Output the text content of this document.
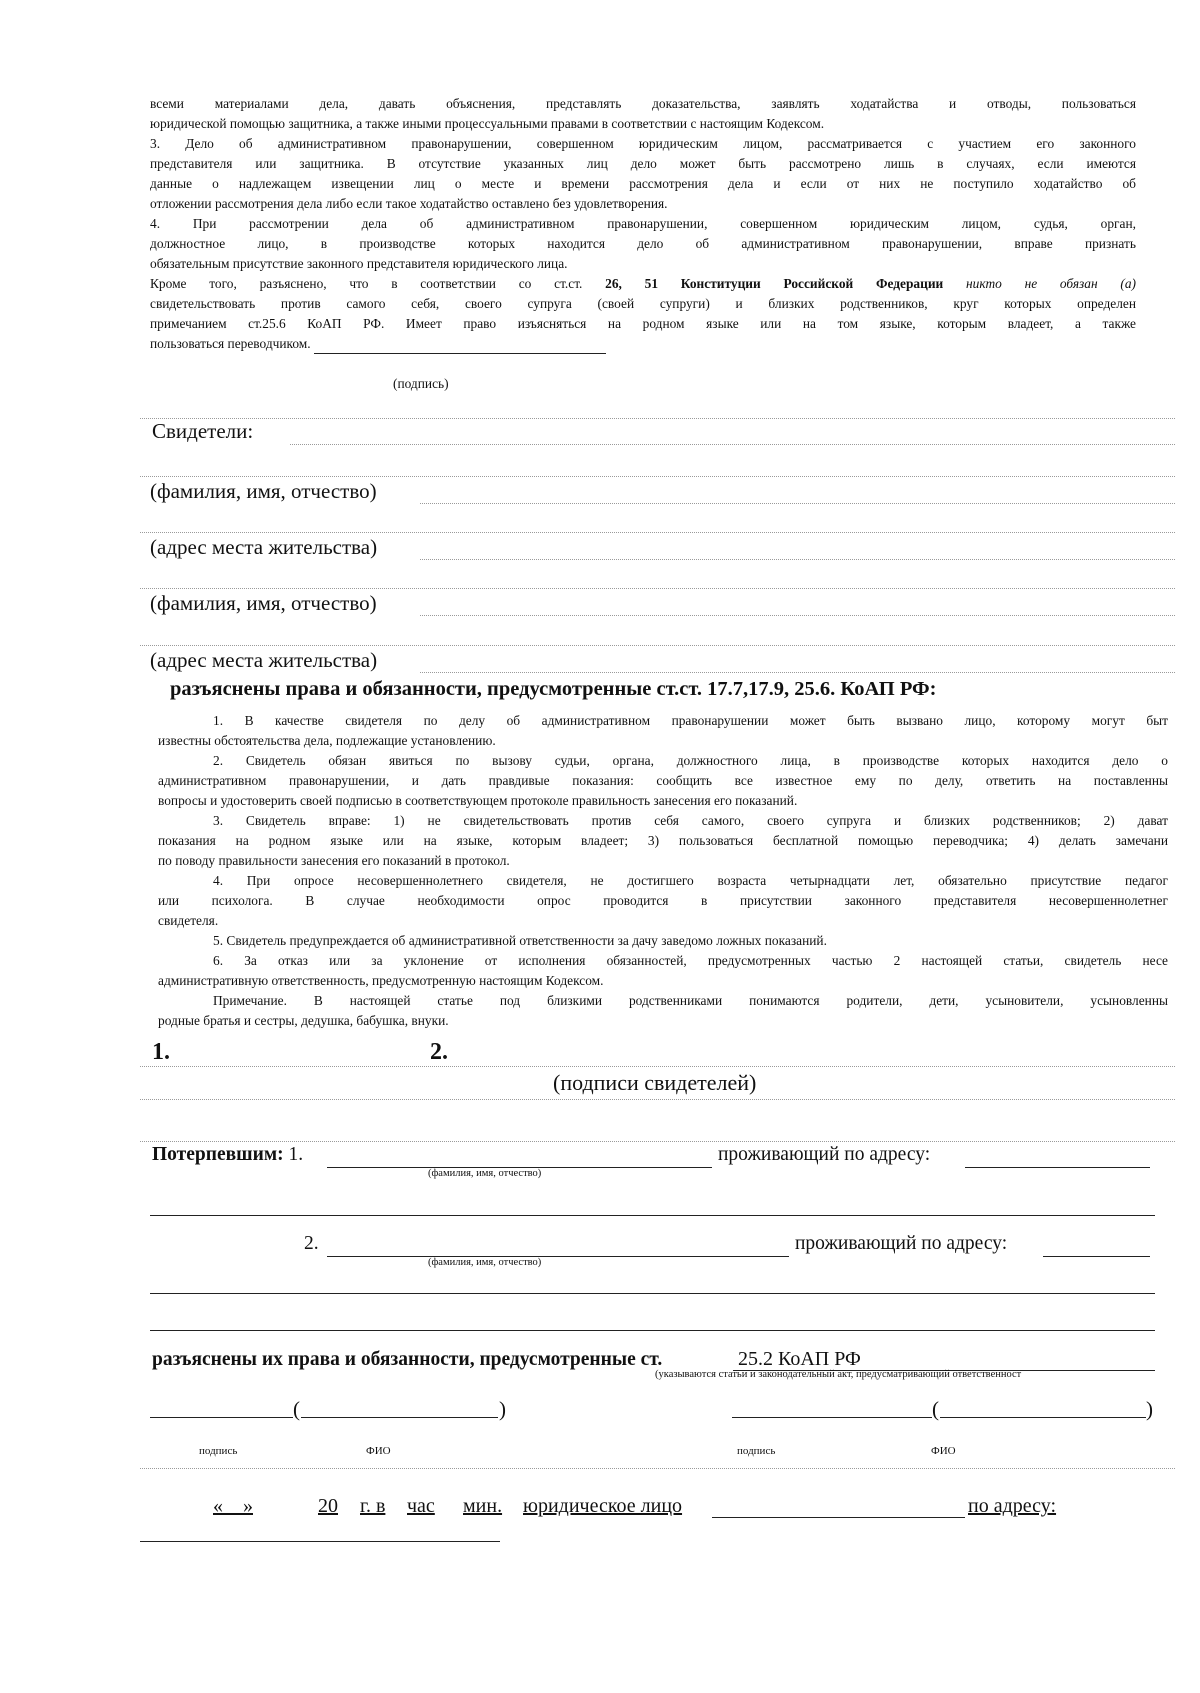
всеми материалами дела, давать объяснения, представлять доказательства, заявлять ходатайства и отводы, пользоваться
юридической помощью защитника, а также иными процессуальными правами в соответствии с настоящим Кодексом.
3. Дело об административном правонарушении, совершенном юридическим лицом, рассматривается с участием его законного
представителя или защитника. В отсутствие указанных лиц дело может быть рассмотрено лишь в случаях, если имеются
данные о надлежащем извещении лиц о месте и времени рассмотрения дела и если от них не поступило ходатайство об
отложении рассмотрения дела либо если такое ходатайство оставлено без удовлетворения.
4. При рассмотрении дела об административном правонарушении, совершенном юридическим лицом, судья, орган,
должностное лицо, в производстве которых находится дело об административном правонарушении, вправе признать
обязательным присутствие законного представителя юридического лица.
Кроме того, разъяснено, что в соответствии со ст.ст. 26, 51 Конституции Российской Федерации никто не обязан (а)
свидетельствовать против самого себя, своего супруга (своей супруги) и близких родственников, круг которых определен
примечанием ст.25.6 КоАП РФ. Имеет право изъясняться на родном языке или на том языке, которым владеет, а также
пользоваться переводчиком.
(подпись)
Свидетели:
(фамилия, имя, отчество)
(адрес места жительства)
(фамилия, имя, отчество)
(адрес места жительства)
разъяснены права и обязанности, предусмотренные ст.ст. 17.7,17.9, 25.6. КоАП РФ:
1. В качестве свидетеля по делу об административном правонарушении может быть вызвано лицо, которому могут быт
известны обстоятельства дела, подлежащие установлению.
2. Свидетель обязан явиться по вызову судьи, органа, должностного лица, в производстве которых находится дело о
административном правонарушении, и дать правдивые показания: сообщить все известное ему по делу, ответить на поставленны
вопросы и удостоверить своей подписью в соответствующем протоколе правильность занесения его показаний.
3. Свидетель вправе: 1) не свидетельствовать против себя самого, своего супруга и близких родственников; 2) дават
показания на родном языке или на языке, которым владеет; 3) пользоваться бесплатной помощью переводчика; 4) делать замечани
по поводу правильности занесения его показаний в протокол.
4. При опросе несовершеннолетнего свидетеля, не достигшего возраста четырнадцати лет, обязательно присутствие педагог
или психолога. В случае необходимости опрос проводится в присутствии законного представителя несовершеннолетнег
свидетеля.
5. Свидетель предупреждается об административной ответственности за дачу заведомо ложных показаний.
6. За отказ или за уклонение от исполнения обязанностей, предусмотренных частью 2 настоящей статьи, свидетель несе
административную ответственность, предусмотренную настоящим Кодексом.
Примечание. В настоящей статье под близкими родственниками понимаются родители, дети, усыновители, усыновленны
родные братья и сестры, дедушка, бабушка, внуки.
1.	2.
(подписи свидетелей)
Потерпевшим: 1.
(фамилия, имя, отчество)
проживающий по адресу:
2.
(фамилия, имя, отчество)
проживающий по адресу:
разъяснены их права и обязанности, предусмотренные ст.	25.2 КоАП РФ
(указываются статьи и законодательный акт, предусматривающий ответственност
(	)	(	)
подпись	ФИО	подпись	ФИО
« »	20 г. в час мин. юридическое лицо	по адресу:
